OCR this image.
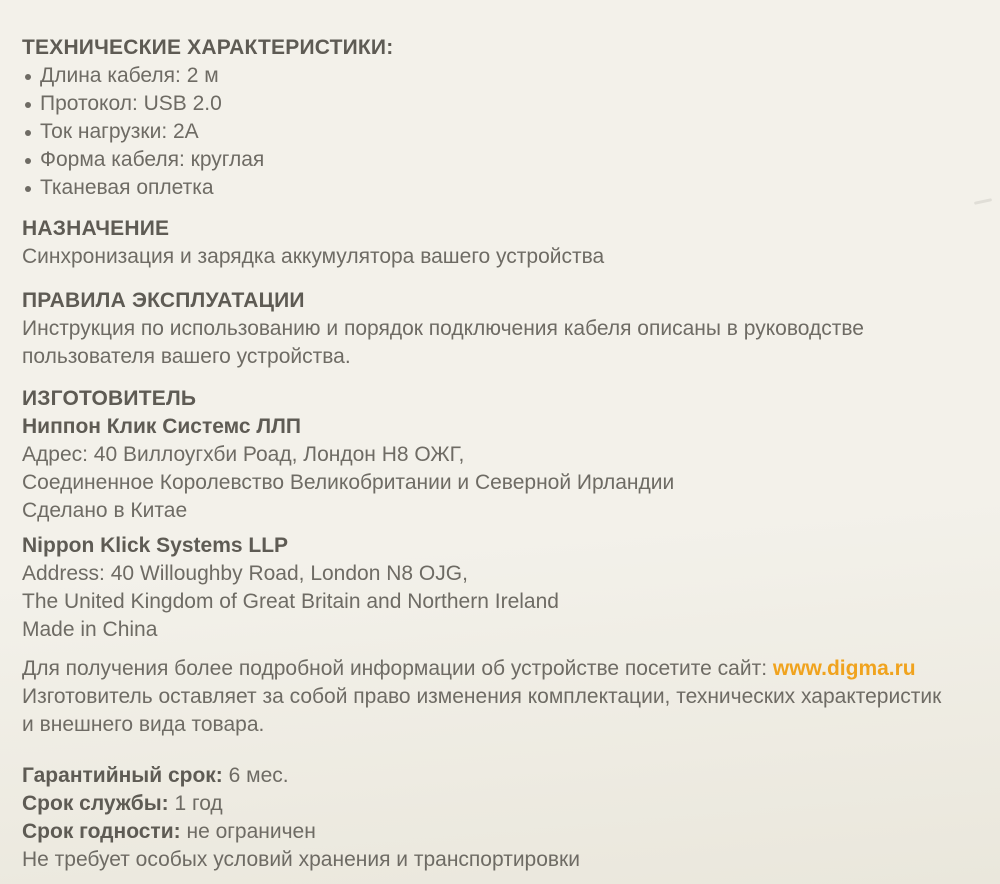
ТЕХНИЧЕСКИЕ ХАРАКТЕРИСТИКИ:
Длина кабеля: 2 м
Протокол: USB 2.0
Ток нагрузки: 2А
Форма кабеля: круглая
Тканевая оплетка
НАЗНАЧЕНИЕ
Синхронизация и зарядка аккумулятора вашего устройства
ПРАВИЛА ЭКСПЛУАТАЦИИ
Инструкция по использованию и порядок подключения кабеля описаны в руководстве
пользователя вашего устройства.
ИЗГОТОВИТЕЛЬ
Ниппон Клик Системс ЛЛП
Адрес: 40 Виллоугхби Роад, Лондон Н8 ОЖГ,
Соединенное Королевство Великобритании и Северной Ирландии
Сделано в Китае
Nippon Klick Systems LLP
Address: 40 Willoughby Road, London N8 OJG,
The United Kingdom of Great Britain and Northern Ireland
Made in China
Для получения более подробной информации об устройстве посетите сайт: www.digma.ru
Изготовитель оставляет за собой право изменения комплектации, технических характеристик
и внешнего вида товара.
Гарантийный срок: 6 мес.
Срок службы: 1 год
Срок годности: не ограничен
Не требует особых условий хранения и транспортировки
